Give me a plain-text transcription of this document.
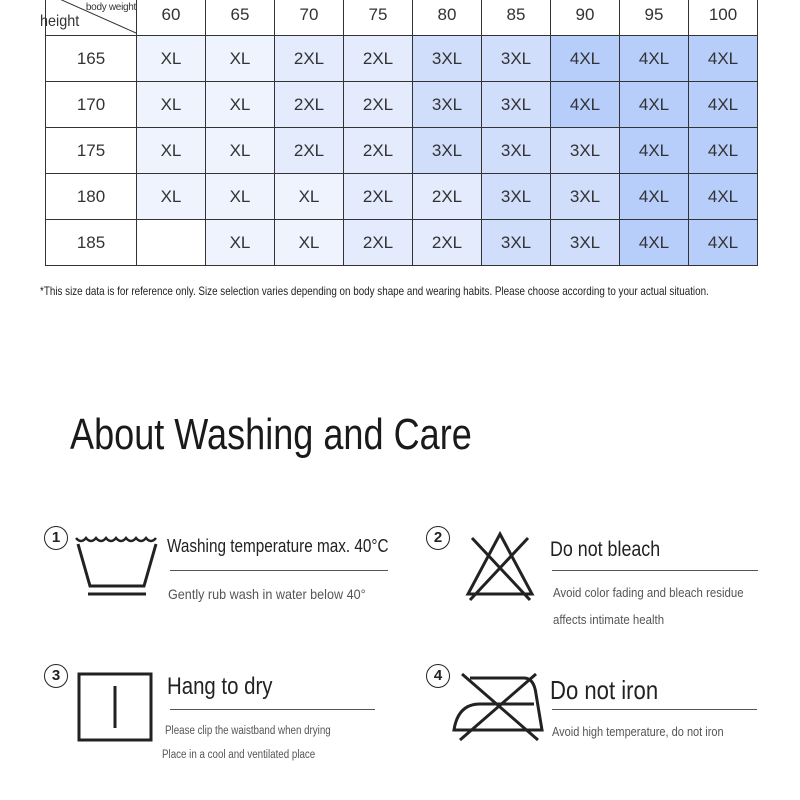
body weight
height	60	65	70	75	80	85	90	95	100
165	XL	XL	2XL	2XL	3XL	3XL	4XL	4XL	4XL
170	XL	XL	2XL	2XL	3XL	3XL	4XL	4XL	4XL
175	XL	XL	2XL	2XL	3XL	3XL	3XL	4XL	4XL
180	XL	XL	XL	2XL	2XL	3XL	3XL	4XL	4XL
185		XL	XL	2XL	2XL	3XL	3XL	4XL	4XL
*This size data is for reference only. Size selection varies depending on body shape and wearing habits. Please choose according to your actual situation.
About Washing and Care
1	Washing temperature max. 40°C
Gently rub wash in water below 40°
2
Do not bleach
Avoid color fading and bleach residue
affects intimate health
3	Hang to dry
Please clip the waistband when drying
Place in a cool and ventilated place
4	Do not iron
Avoid high temperature, do not iron
